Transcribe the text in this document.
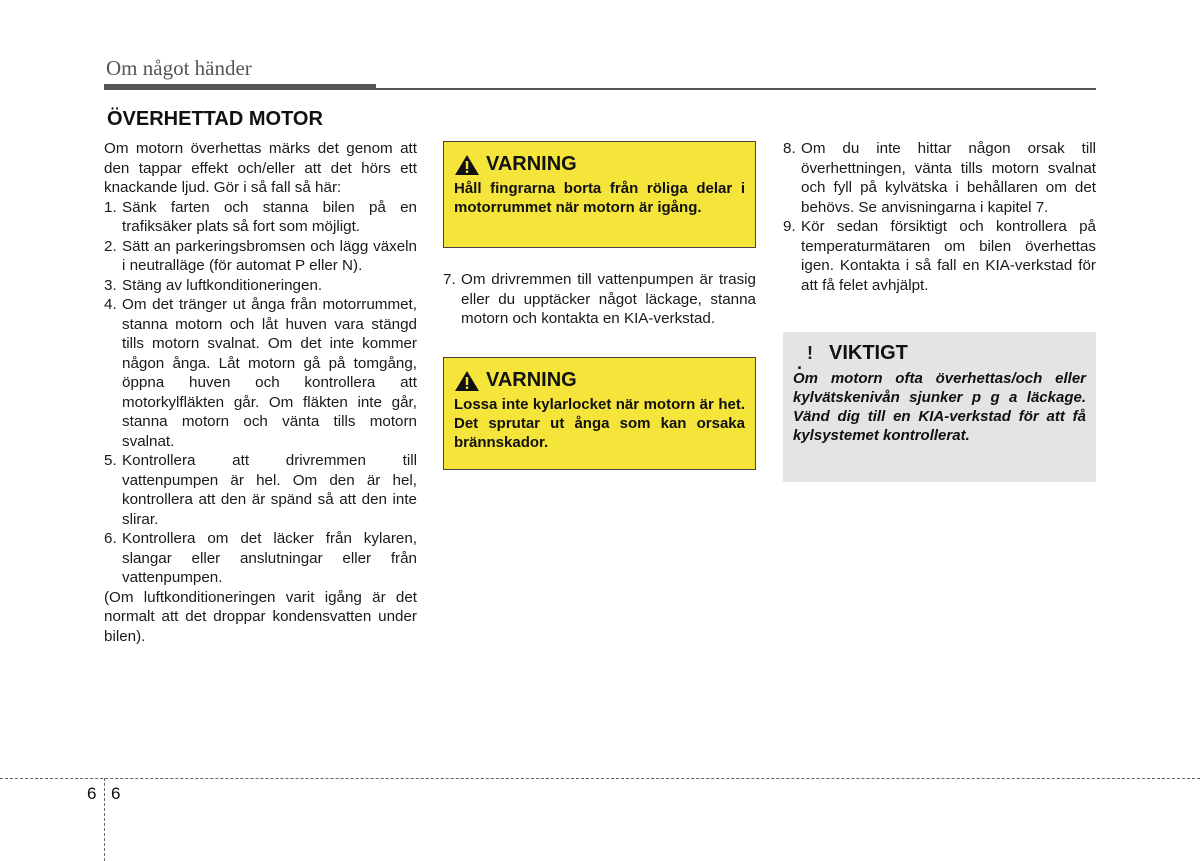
Om något händer
ÖVERHETTAD MOTOR

Om motorn överhettas märks det genom att den tappar effekt och/eller att det hörs ett knackande ljud. Gör i så fall så här:

1. Sänk farten och stanna bilen på en trafiksäker plats så fort som möjligt.
2. Sätt an parkeringsbromsen och lägg växeln i neutralläge (för automat P eller N).
3. Stäng av luftkonditioneringen.
4. Om det tränger ut ånga från motorrummet, stanna motorn och låt huven vara stängd tills motorn svalnat. Om det inte kommer någon ånga. Låt motorn gå på tomgång, öppna huven och kontrollera att motorkylfläkten går. Om fläkten inte går, stanna motorn och vänta tills motorn svalnat.
5. Kontrollera att drivremmen till vattenpumpen är hel. Om den är hel, kontrollera att den är spänd så att den inte slirar.
6. Kontrollera om det läcker från kylaren, slangar eller anslutningar eller från vattenpumpen.

(Om luftkonditioneringen varit igång är det normalt att det droppar kondensvatten under bilen).

VARNING
Håll fingrarna borta från röliga delar i motorrummet när motorn är igång.
7. Om drivremmen till vattenpumpen är trasig eller du upptäcker något läckage, stanna motorn och kontakta en KIA-verkstad.
VARNING
Lossa inte kylarlocket när motorn är het. Det sprutar ut ånga som kan orsaka brännskador.
8. Om du inte hittar någon orsak till överhettningen, vänta tills motorn svalnat och fyll på kylvätska i behållaren om det behövs. Se anvisningarna i kapitel 7.
9. Kör sedan försiktigt och kontrollera på temperaturmätaren om bilen överhettas igen. Kontakta i så fall en KIA-verkstad för att få felet avhjälpt.
. ! VIKTIGT
Om motorn ofta överhettas/och eller kylvätskenivån sjunker p g a läckage. Vänd dig till en KIA-verkstad för att få kylsystemet kontrollerat.
6 6
